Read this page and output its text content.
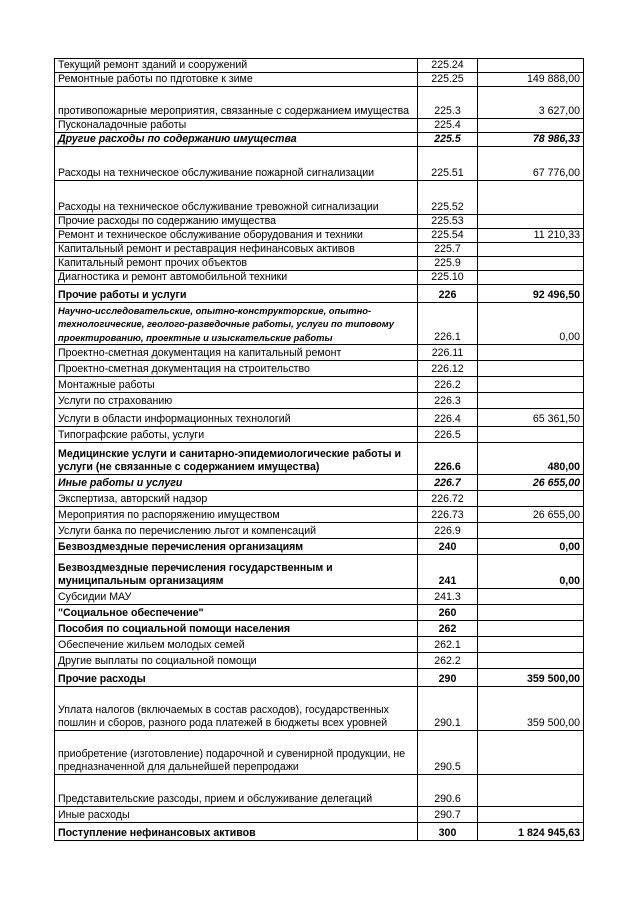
Текущий ремонт зданий и сооружений	225.24	
Ремонтные работы по пдготовке к зиме	225.25	149 888,00
противопожарные мероприятия, связанные с содержанием имущества	225.3	3 627,00
Пусконаладочные работы	225.4	
Другие расходы по содержанию имущества	225.5	78 986,33
Расходы на техническое обслуживание пожарной сигнализации	225.51	67 776,00
Расходы на техническое обслуживание тревожной сигнализации	225.52	
Прочие расходы по содержанию имущества	225.53	
Ремонт и техническое обслуживание оборудования и техники	225.54	11 210,33
Капитальный ремонт и реставрация нефинансовых активов	225.7	
Капитальный ремонт прочих объектов	225.9	
Диагностика и ремонт автомобильной техники	225.10	
Прочие работы и услуги	226	92 496,50
Научно-исследовательские, опытно-конструкторские, опытно-технологические, геолого-разведочные работы, услуги по типовому проектированию, проектные и изыскательские работы	226.1	0,00
Проектно-сметная документация на капитальный ремонт	226.11	
Проектно-сметная документация на строительство	226.12	
Монтажные работы	226.2	
Услуги по страхованию	226.3	
Услуги в области информационных технологий	226.4	65 361,50
Типографские работы, услуги	226.5	
Медицинские услуги и санитарно-эпидемиологические работы и услуги (не связанные с содержанием имущества)	226.6	480,00
Иные работы и услуги	226.7	26 655,00
Экспертиза, авторский надзор	226.72	
Мероприятия по распоряжению имуществом	226.73	26 655,00
Услуги банка по перечислению льгот и компенсаций	226.9	
Безвоздмездные перечисления организациям	240	0,00
Безвоздмездные перечисления государственным и муниципальным организациям	241	0,00
Субсидии МАУ	241.3	
"Социальное обеспечение"	260	
Пособия по социальной помощи населения	262	
Обеспечение жильем молодых семей	262.1	
Другие выплаты по социальной помощи	262.2	
Прочие расходы	290	359 500,00
Уплата налогов (включаемых в состав расходов), государственных пошлин и сборов, разного рода платежей в бюджеты всех уровней	290.1	359 500,00
приобретение (изготовление) подарочной и сувенирной продукции, не предназначенной для дальнейшей перепродажи	290.5	
Представительские разсоды, прием и обслуживание делегаций	290.6	
Иные расходы	290.7	
Поступление нефинансовых активов	300	1 824 945,63
